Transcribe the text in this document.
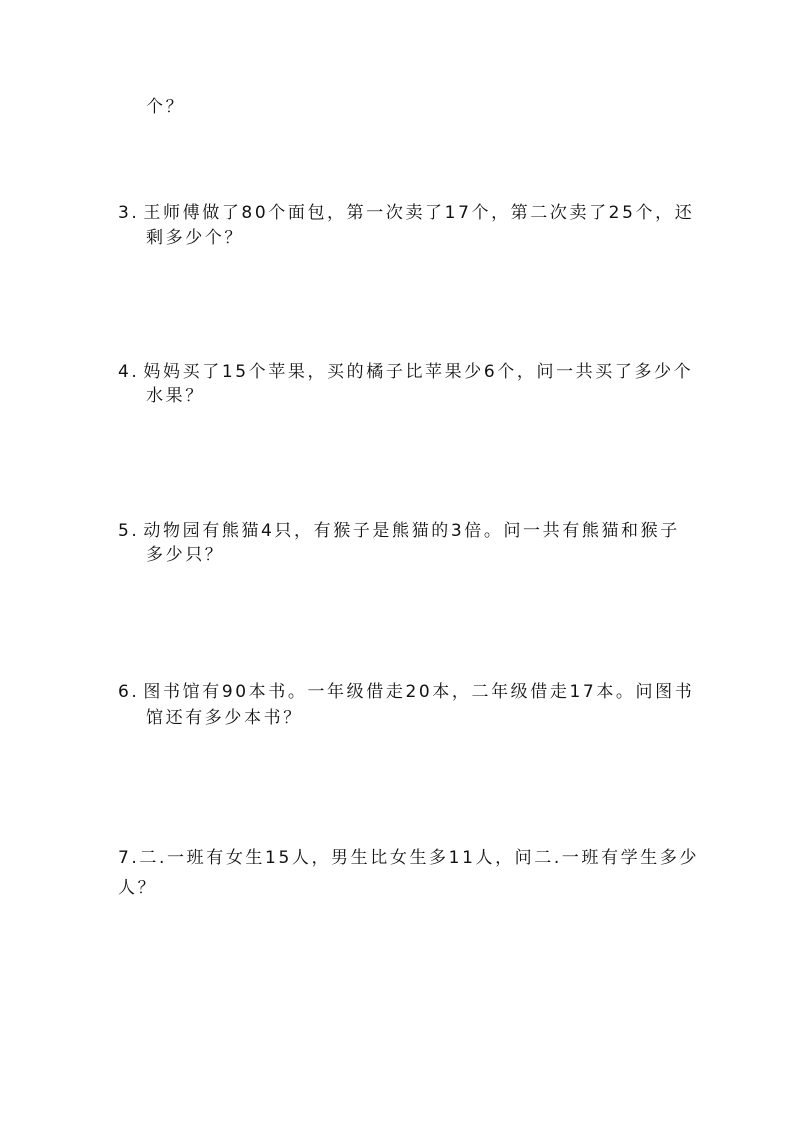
个？
3. 王师傅做了80个面包，第一次卖了17个，第二次卖了25个，还
剩多少个？
4. 妈妈买了15个苹果，买的橘子比苹果少6个，问一共买了多少个
水果？
5. 动物园有熊猫4只，有猴子是熊猫的3倍。问一共有熊猫和猴子
多少只？
6. 图书馆有90本书。一年级借走20本，二年级借走17本。问图书
馆还有多少本书？
7.二.一班有女生15人，男生比女生多11人，问二.一班有学生多少
人？
